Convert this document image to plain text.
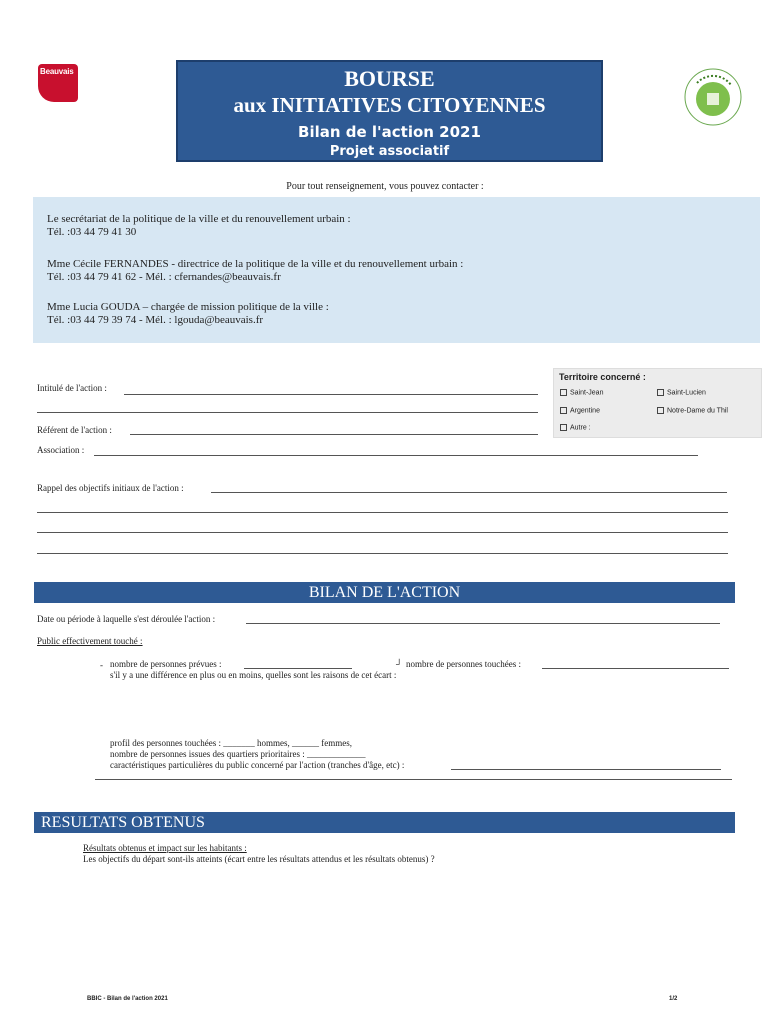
Beauvais	BOURSE
aux INITIATIVES CITOYENNES
Bilan de l'action 2021
Projet associatif
Pour tout renseignement, vous pouvez contacter :
Le secrétariat de la politique de la ville et du renouvellement urbain :
Tél. :03 44 79 41 30
Mme Cécile FERNANDES - directrice de la politique de la ville et du renouvellement urbain :
Tél. :03 44 79 41 62 - Mél. : cfernandes@beauvais.fr
Mme Lucia GOUDA – chargée de mission politique de la ville :
Tél. :03 44 79 39 74 - Mél. : lgouda@beauvais.fr
Territoire concerné :
Saint-Jean	Saint-Lucien
Argentine	Notre-Dame du Thil
Autre :
Intitulé de l'action :
Référent de l'action :
Association :
Rappel des objectifs initiaux de l'action :
BILAN DE L'ACTION
Date ou période à laquelle s'est déroulée l'action :
Public effectivement touché :
‐ nombre de personnes prévues :	┘ nombre de personnes touchées :
s'il y a une différence en plus ou en moins, quelles sont les raisons de cet écart :
profil des personnes touchées : _______ hommes, ______ femmes,
nombre de personnes issues des quartiers prioritaires : _____________
caractéristiques particulières du public concerné par l'action (tranches d'âge, etc) :
RESULTATS OBTENUS
Résultats obtenus et impact sur les habitants :
Les objectifs du départ sont-ils atteints (écart entre les résultats attendus et les résultats obtenus) ?
BBIC - Bilan de l'action 2021	1/2
